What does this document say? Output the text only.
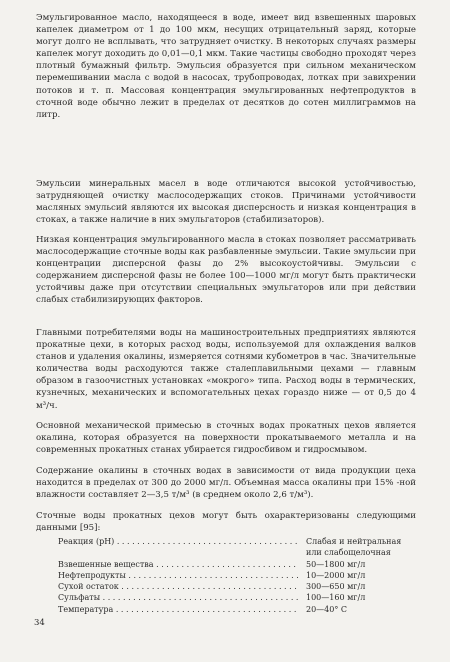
Эмульгированное масло, находящееся в воде, имеет вид взвешенных шаровых капелек диаметром от 1 до 100 мкм, несущих отрицательный заряд, которые могут долго не всплывать, что затрудняет очистку. В некоторых случаях размеры капелек могут доходить до 0,01—0,1 мкм. Такие частицы свободно проходят через плотный бумажный фильтр. Эмульсия образуется при сильном механическом перемешивании масла с водой в насосах, трубопроводах, лотках при завихрении потоков и т. п. Массовая концентрация эмульгированных нефтепродуктов в сточной воде обычно лежит в пределах от десятков до сотен миллиграммов на литр.

Эмульсии минеральных масел в воде отличаются высокой устойчивостью, затрудняющей очистку маслосодержащих стоков. Причинами устойчивости масляных эмульсий являются их высокая дисперсность и низкая концентрация в стоках, а также наличие в них эмульгаторов (стабилизаторов).

Низкая концентрация эмульгированного масла в стоках позволяет рассматривать маслосодержащие сточные воды как разбавленные эмульсии. Такие эмульсии при концентрации дисперсной фазы до 2% высокоустойчивы. Эмульсии с содержанием дисперсной фазы не более 100—1000 мг/л могут быть практически устойчивы даже при отсутствии специальных эмульгаторов или при действии слабых стабилизирующих факторов.

Главными потребителями воды на машиностроительных предприятиях являются прокатные цехи, в которых расход воды, используемой для охлаждения валков станов и удаления окалины, измеряется сотнями кубометров в час. Значительные количества воды расходуются также сталеплавильными цехами — главным образом в газоочистных установках «мокрого» типа. Расход воды в термических, кузнечных, механических и вспомогательных цехах гораздо ниже — от 0,5 до 4 м³/ч.

Основной механической примесью в сточных водах прокатных цехов является окалина, которая образуется на поверхности прокатываемого металла и на современных прокатных станах убирается гидросбивом и гидросмывом.

Содержание окалины в сточных водах в зависимости от вида продукции цеха находится в пределах от 300 до 2000 мг/л. Объемная масса окалины при 15% -ной влажности составляет 2—3,5 т/м³ (в среднем около 2,6 т/м³).

Сточные воды прокатных цехов могут быть охарактеризованы следующими данными [95]:

Реакция (pH) . . .	Слабая и нейтральная
или слабощелочная
Взвешенные вещества . . .	50—1800 мг/л
Нефтепродукты . . .	10—2000 мг/л
Сухой остаток . . .	300—650 мг/л
Сульфаты . . .	100—160 мг/л
Температура . . .	20—40° С
34
